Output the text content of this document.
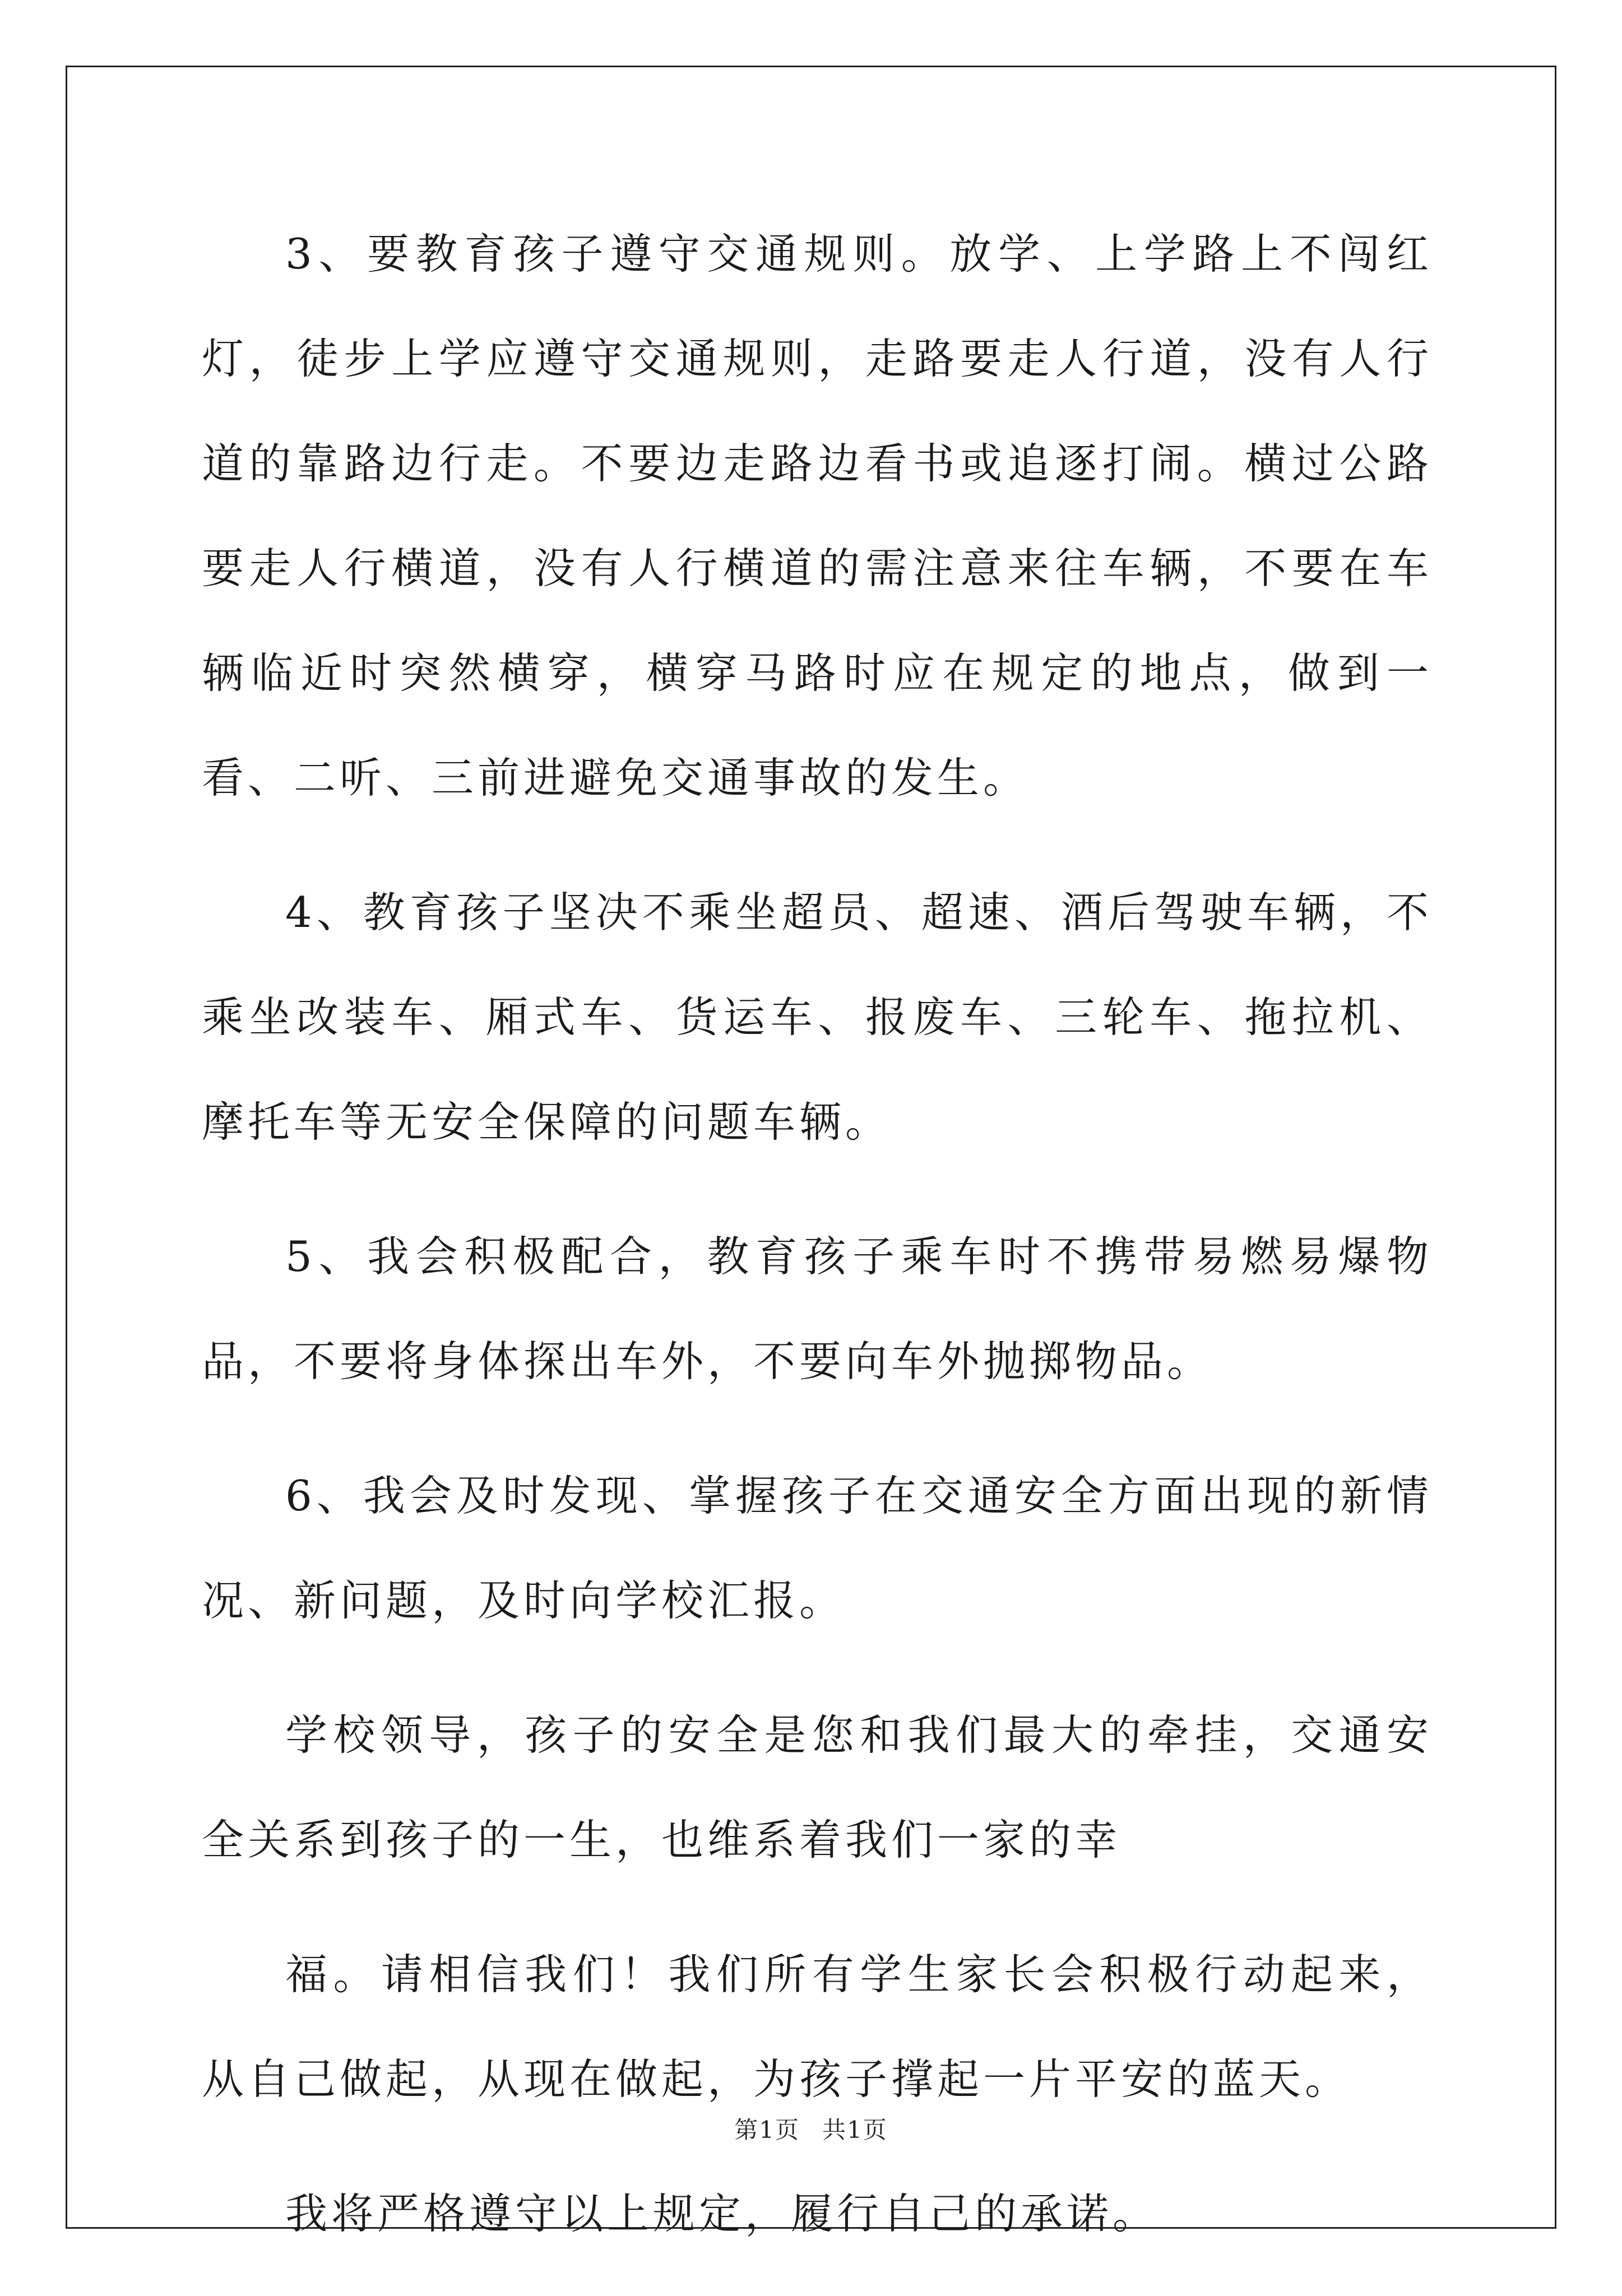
3、要教育孩子遵守交通规则。放学、上学路上不闯红灯，徒步上学应遵守交通规则，走路要走人行道，没有人行道的靠路边行走。不要边走路边看书或追逐打闹。横过公路要走人行横道，没有人行横道的需注意来往车辆，不要在车辆临近时突然横穿，横穿马路时应在规定的地点，做到一看、二听、三前进避免交通事故的发生。

4、教育孩子坚决不乘坐超员、超速、酒后驾驶车辆，不乘坐改装车、厢式车、货运车、报废车、三轮车、拖拉机、摩托车等无安全保障的问题车辆。

5、我会积极配合，教育孩子乘车时不携带易燃易爆物品，不要将身体探出车外，不要向车外抛掷物品。

6、我会及时发现、掌握孩子在交通安全方面出现的新情况、新问题，及时向学校汇报。

学校领导，孩子的安全是您和我们最大的牵挂，交通安全关系到孩子的一生，也维系着我们一家的幸

福。请相信我们！我们所有学生家长会积极行动起来，从自己做起，从现在做起，为孩子撑起一片平安的蓝天。

我将严格遵守以上规定，履行自己的承诺。

第1页 共1页
